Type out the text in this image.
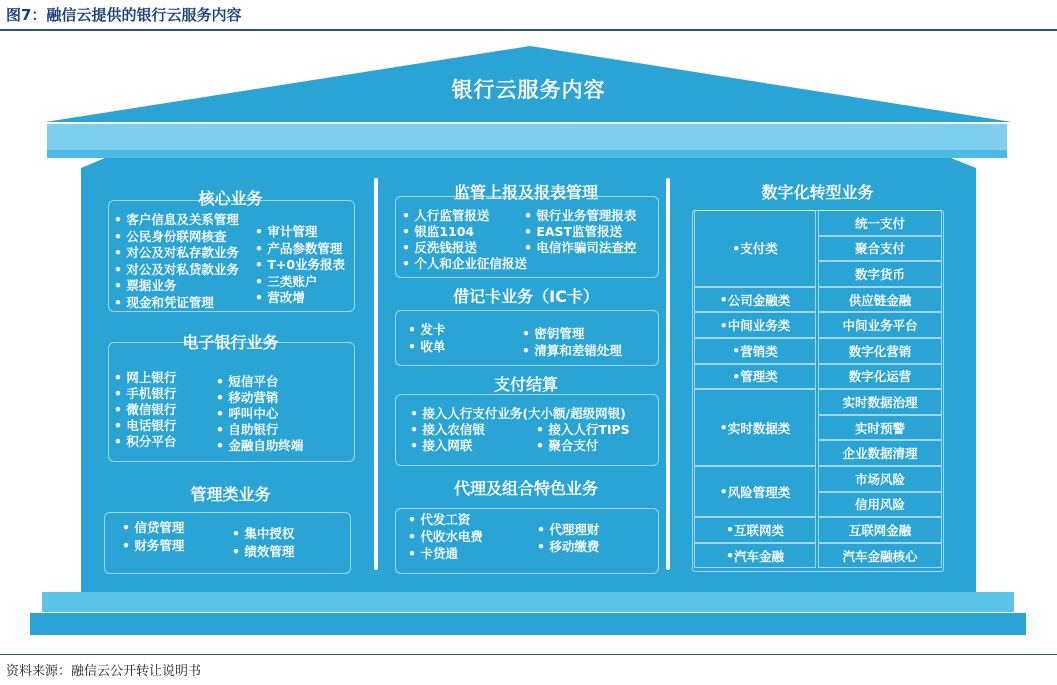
图7：融信云提供的银行云服务内容
银行云服务内容
核心业务
• 客户信息及关系管理
• 公民身份联网核查
• 对公及对私存款业务
• 对公及对私贷款业务
• 票据业务
• 现金和凭证管理
• 审计管理
• 产品参数管理
• T+0业务报表
• 三类账户
• 营改增
电子银行业务
• 网上银行
• 手机银行
• 微信银行
• 电话银行
• 积分平台
• 短信平台
• 移动营销
• 呼叫中心
• 自助银行
• 金融自助终端
管理类业务
• 信贷管理
• 财务管理
• 集中授权
• 绩效管理
监管上报及报表管理
• 人行监管报送
• 银监1104
• 反洗钱报送
• 个人和企业征信报送
• 银行业务管理报表
• EAST监管报送
• 电信诈骗司法查控
借记卡业务（IC卡）
• 发卡
• 收单
• 密钥管理
• 清算和差错处理
支付结算
• 接入人行支付业务(大小额/超级网银)
• 接入农信银
• 接入网联
• 接入人行TIPS
• 聚合支付
代理及组合特色业务
• 代发工资
• 代收水电费
• 卡贷通
• 代理理财
• 移动缴费
数字化转型业务
• 支付类
统一支付
聚合支付
数字货币
• 公司金融类	供应链金融
• 中间业务类	中间业务平台
• 营销类	数字化营销
• 管理类	数字化运营
• 实时数据类
实时数据治理
实时预警
企业数据清理
• 风险管理类
市场风险
信用风险
• 互联网类	互联网金融
• 汽车金融	汽车金融核心
资料来源：融信云公开转让说明书
